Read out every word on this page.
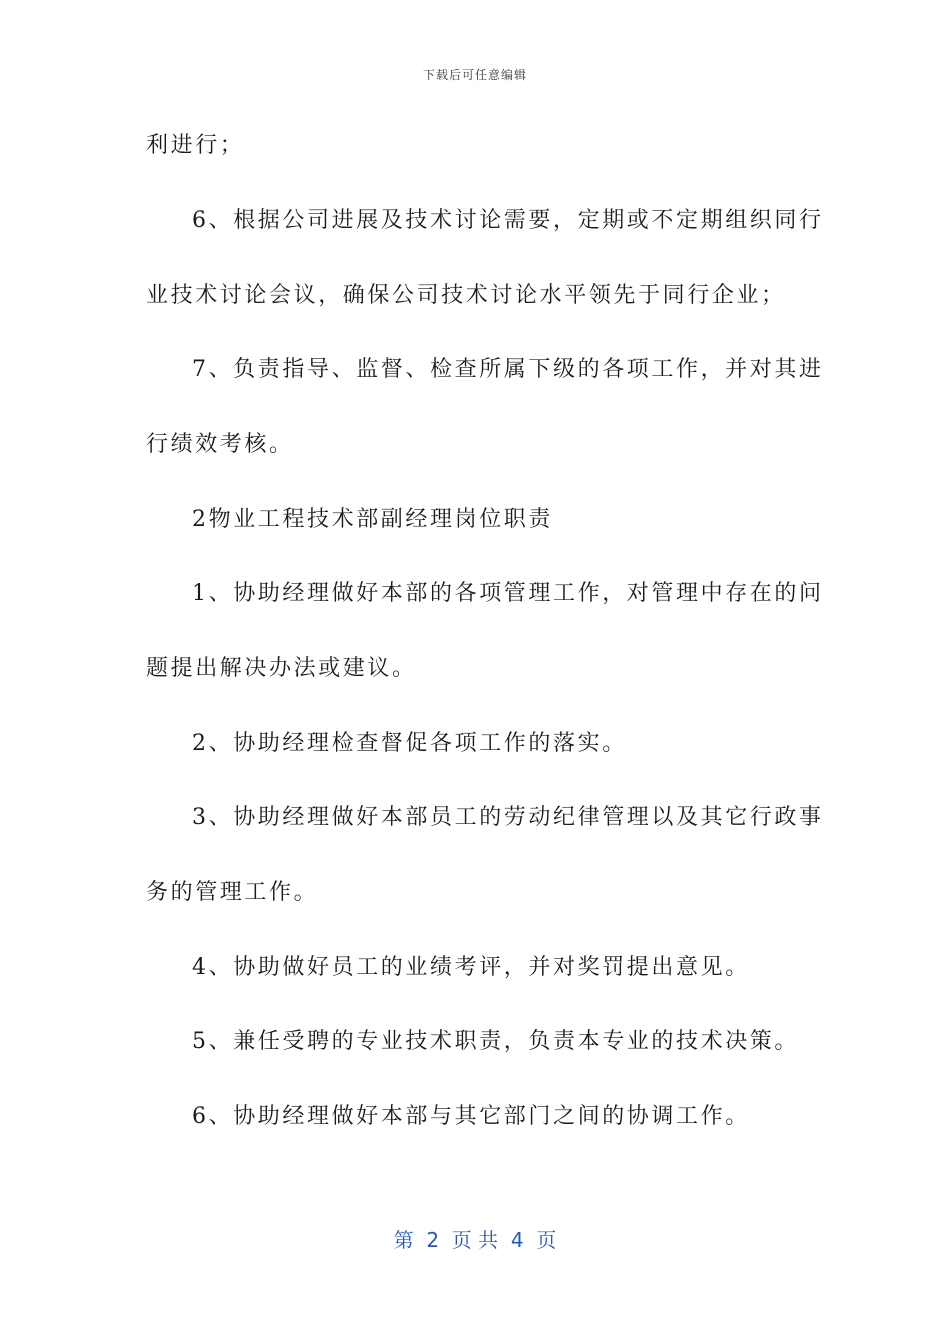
下载后可任意编辑
利进行；
6、根据公司进展及技术讨论需要，定期或不定期组织同行
业技术讨论会议，确保公司技术讨论水平领先于同行企业；
7、负责指导、监督、检查所属下级的各项工作，并对其进
行绩效考核。
2物业工程技术部副经理岗位职责
1、协助经理做好本部的各项管理工作，对管理中存在的问
题提出解决办法或建议。
2、协助经理检查督促各项工作的落实。
3、协助经理做好本部员工的劳动纪律管理以及其它行政事
务的管理工作。
4、协助做好员工的业绩考评，并对奖罚提出意见。
5、兼任受聘的专业技术职责，负责本专业的技术决策。
6、协助经理做好本部与其它部门之间的协调工作。
第  2  页 共  4  页
